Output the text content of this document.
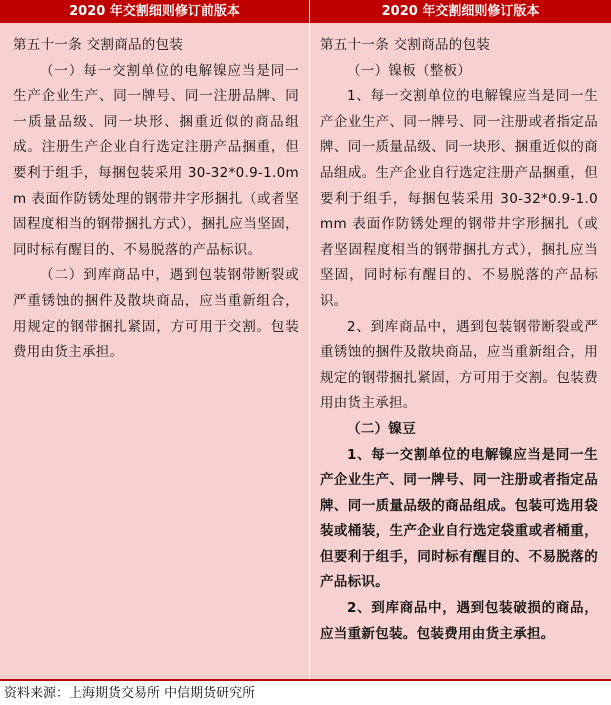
2020 年交割细则修订前版本	2020 年交割细则修订版本

第五十一条 交割商品的包装

（一）每一交割单位的电解镍应当是同一生产企业生产、同一牌号、同一注册品牌、同一质量品级、同一块形、捆重近似的商品组成。注册生产企业自行选定注册产品捆重，但要利于组手，每捆包装采用 30-32*0.9-1.0mm 表面作防锈处理的钢带井字形捆扎（或者坚固程度相当的钢带捆扎方式），捆扎应当坚固，同时标有醒目的、不易脱落的产品标识。

（二）到库商品中，遇到包装钢带断裂或严重锈蚀的捆件及散块商品，应当重新组合，用规定的钢带捆扎紧固，方可用于交割。包装费用由货主承担。

第五十一条 交割商品的包装

（一）镍板（整板）

1、每一交割单位的电解镍应当是同一生产企业生产、同一牌号、同一注册或者指定品牌、同一质量品级、同一块形、捆重近似的商品组成。生产企业自行选定注册产品捆重，但要利于组手，每捆包装采用 30-32*0.9-1.0mm 表面作防锈处理的钢带井字形捆扎（或者坚固程度相当的钢带捆扎方式），捆扎应当坚固，同时标有醒目的、不易脱落的产品标识。

2、到库商品中，遇到包装钢带断裂或严重锈蚀的捆件及散块商品，应当重新组合，用规定的钢带捆扎紧固，方可用于交割。包装费用由货主承担。

（二）镍豆

1、每一交割单位的电解镍应当是同一生产企业生产、同一牌号、同一注册或者指定品牌、同一质量品级的商品组成。包装可选用袋装或桶装，生产企业自行选定袋重或者桶重，但要利于组手，同时标有醒目的、不易脱落的产品标识。

2、到库商品中，遇到包装破损的商品，应当重新包装。包装费用由货主承担。

资料来源：上海期货交易所 中信期货研究所
